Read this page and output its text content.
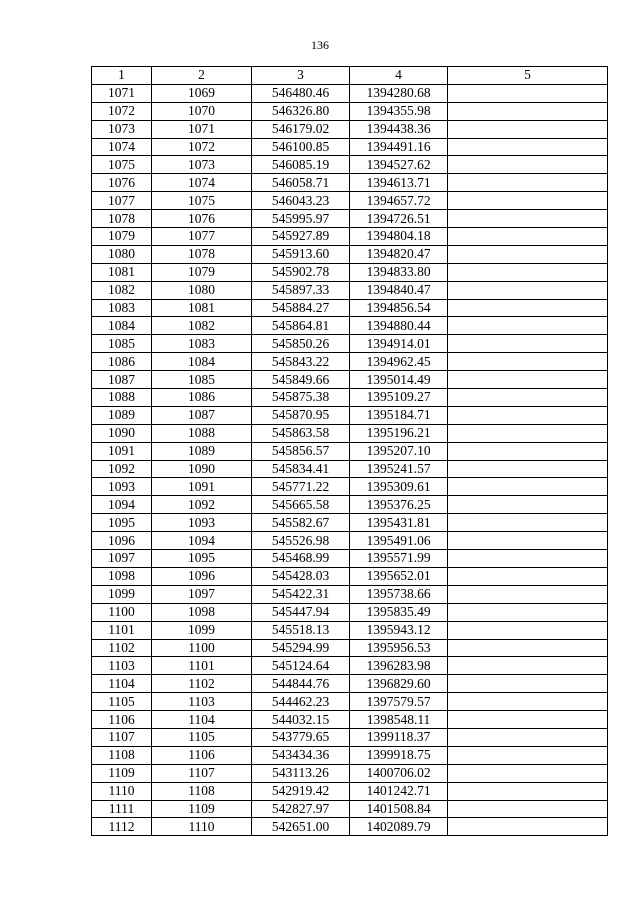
136
1	2	3	4	5
1071	1069	546480.46	1394280.68	
1072	1070	546326.80	1394355.98	
1073	1071	546179.02	1394438.36	
1074	1072	546100.85	1394491.16	
1075	1073	546085.19	1394527.62	
1076	1074	546058.71	1394613.71	
1077	1075	546043.23	1394657.72	
1078	1076	545995.97	1394726.51	
1079	1077	545927.89	1394804.18	
1080	1078	545913.60	1394820.47	
1081	1079	545902.78	1394833.80	
1082	1080	545897.33	1394840.47	
1083	1081	545884.27	1394856.54	
1084	1082	545864.81	1394880.44	
1085	1083	545850.26	1394914.01	
1086	1084	545843.22	1394962.45	
1087	1085	545849.66	1395014.49	
1088	1086	545875.38	1395109.27	
1089	1087	545870.95	1395184.71	
1090	1088	545863.58	1395196.21	
1091	1089	545856.57	1395207.10	
1092	1090	545834.41	1395241.57	
1093	1091	545771.22	1395309.61	
1094	1092	545665.58	1395376.25	
1095	1093	545582.67	1395431.81	
1096	1094	545526.98	1395491.06	
1097	1095	545468.99	1395571.99	
1098	1096	545428.03	1395652.01	
1099	1097	545422.31	1395738.66	
1100	1098	545447.94	1395835.49	
1101	1099	545518.13	1395943.12	
1102	1100	545294.99	1395956.53	
1103	1101	545124.64	1396283.98	
1104	1102	544844.76	1396829.60	
1105	1103	544462.23	1397579.57	
1106	1104	544032.15	1398548.11	
1107	1105	543779.65	1399118.37	
1108	1106	543434.36	1399918.75	
1109	1107	543113.26	1400706.02	
1110	1108	542919.42	1401242.71	
1111	1109	542827.97	1401508.84	
1112	1110	542651.00	1402089.79	
